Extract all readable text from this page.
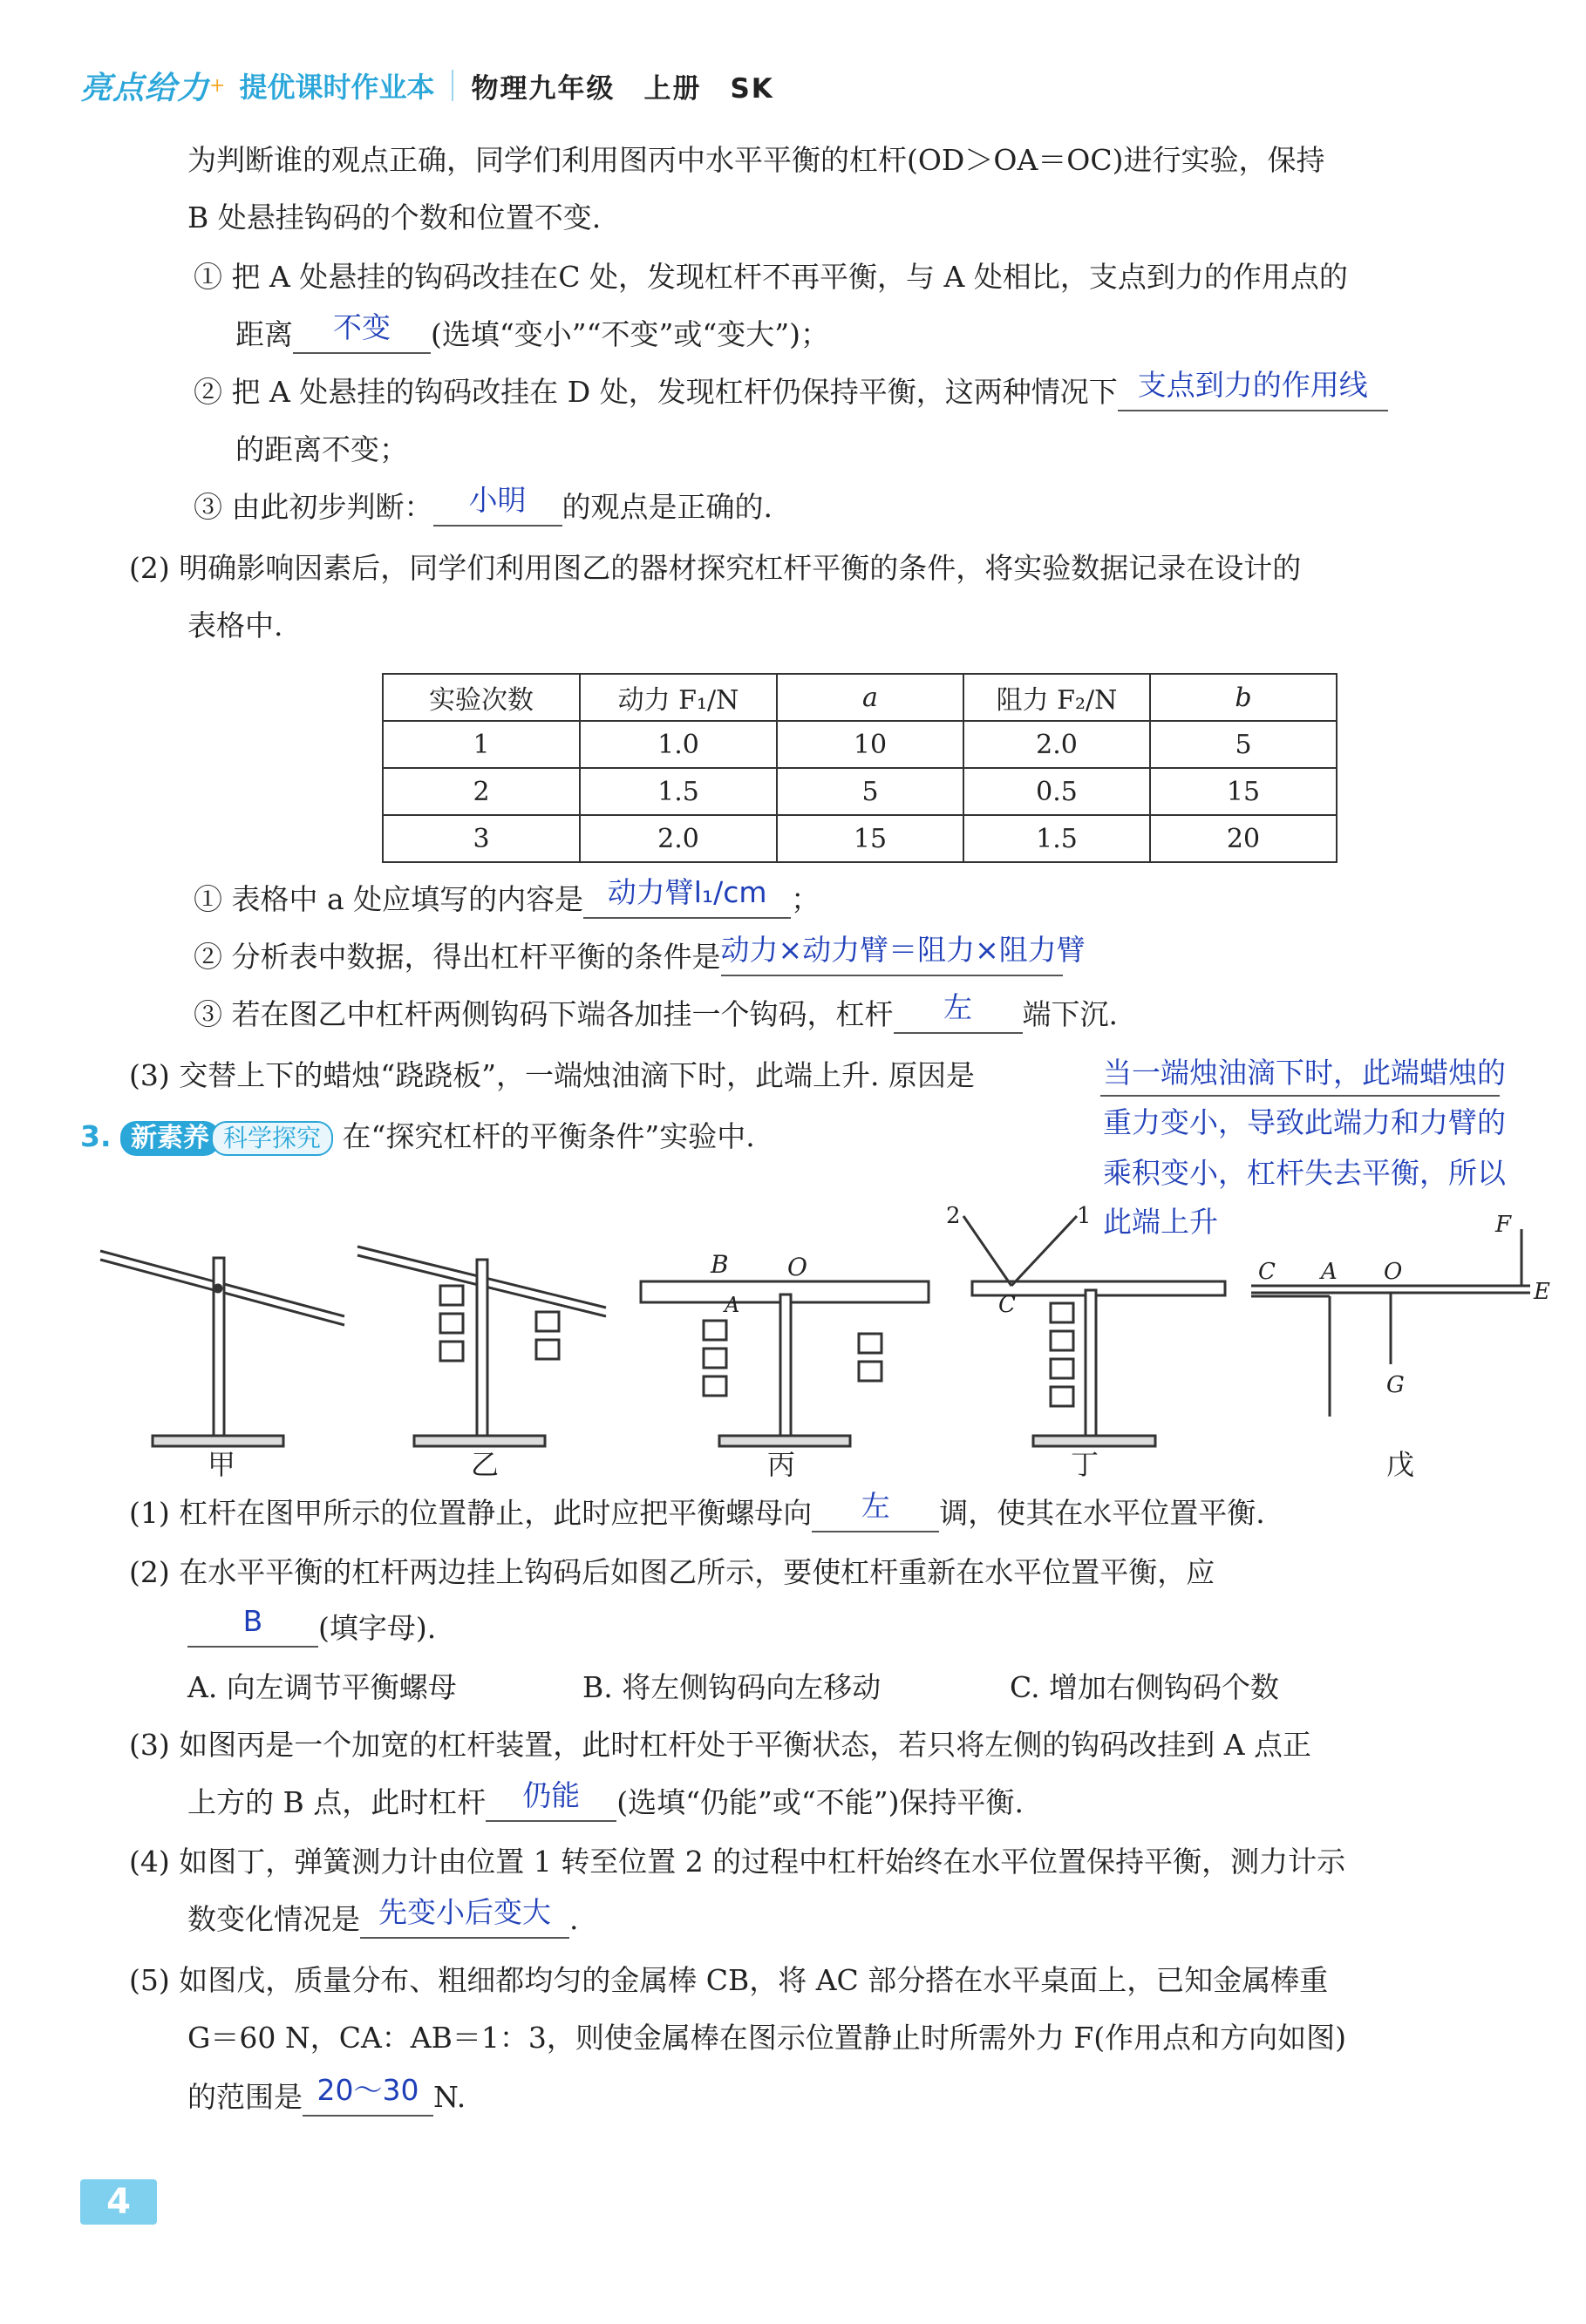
亮点给力 + 提优课时作业本 物理九年级　上册　SK
为判断谁的观点正确，同学们利用图丙中水平平衡的杠杆(OD＞OA＝OC)进行实验，保持
B 处悬挂钩码的个数和位置不变.
① 把 A 处悬挂的钩码改挂在C 处，发现杠杆不再平衡，与 A 处相比，支点到力的作用点的
距离 不变 (选填“变小”“不变”或“变大”)；
② 把 A 处悬挂的钩码改挂在 D 处，发现杠杆仍保持平衡，这两种情况下 支点到力的作用线
的距离不变；
③ 由此初步判断： 小明 的观点是正确的.
(2) 明确影响因素后，同学们利用图乙的器材探究杠杆平衡的条件，将实验数据记录在设计的
表格中.
实验次数	动力 F₁/N	a	阻力 F₂/N	b
1	1.0	10	2.0	5
2	1.5	5	0.5	15
3	2.0	15	1.5	20
① 表格中 a 处应填写的内容是 动力臂l₁/cm ；
② 分析表中数据，得出杠杆平衡的条件是动力×动力臂＝阻力×阻力臂
③ 若在图乙中杠杆两侧钩码下端各加挂一个钩码，杠杆 左 端下沉.
(3) 交替上下的蜡烛“跷跷板”，一端烛油滴下时，此端上升. 原因是	当一端烛油滴下时，此端蜡烛的
重力变小，导致此端力和力臂的
乘积变小，杠杆失去平衡，所以
此端上升
3. 新素养 科学探究 在“探究杠杆的平衡条件”实验中.
B O
A	C
2	1
C A O
G
F
E
甲	乙	丙	丁	戊
(1) 杠杆在图甲所示的位置静止，此时应把平衡螺母向 左 调，使其在水平位置平衡.
(2) 在水平平衡的杠杆两边挂上钩码后如图乙所示，要使杠杆重新在水平位置平衡，应
B (填字母).
A. 向左调节平衡螺母	B. 将左侧钩码向左移动	C. 增加右侧钩码个数
(3) 如图丙是一个加宽的杠杆装置，此时杠杆处于平衡状态，若只将左侧的钩码改挂到 A 点正
上方的 B 点，此时杠杆 仍能 (选填“仍能”或“不能”)保持平衡.
(4) 如图丁，弹簧测力计由位置 1 转至位置 2 的过程中杠杆始终在水平位置保持平衡，测力计示
数变化情况是 先变小后变大 .
(5) 如图戊，质量分布、粗细都均匀的金属棒 CB，将 AC 部分搭在水平桌面上，已知金属棒重
G＝60 N，CA：AB＝1：3，则使金属棒在图示位置静止时所需外力 F(作用点和方向如图)
的范围是 20～30 N.
4
